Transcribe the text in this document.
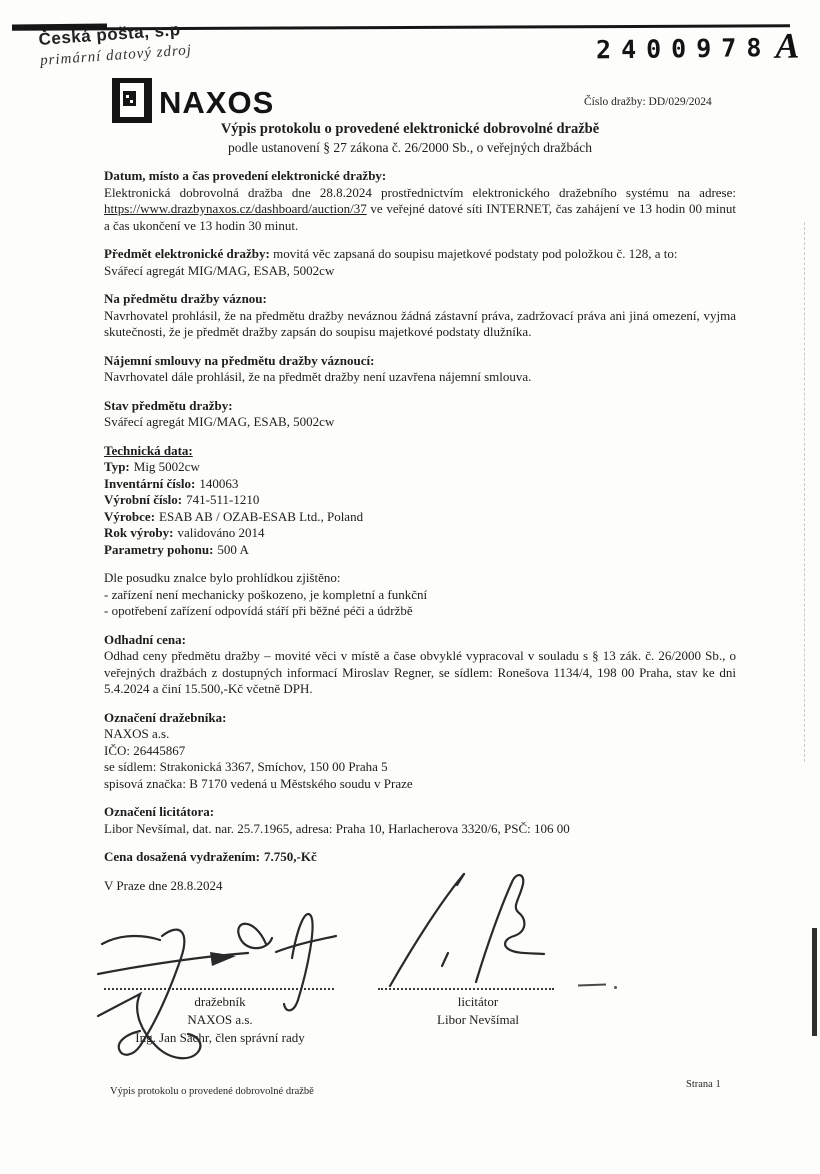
Česká pošta, s.p
primární datový zdroj	2400978 A
NAXOS	Číslo dražby: DD/029/2024
Výpis protokolu o provedené elektronické dobrovolné dražbě
podle ustanovení § 27 zákona č. 26/2000 Sb., o veřejných dražbách

Datum, místo a čas provedení elektronické dražby:

Elektronická dobrovolná dražba dne 28.8.2024 prostřednictvím elektronického dražebního systému na adrese: https://www.drazbynaxos.cz/dashboard/auction/37 ve veřejné datové síti INTERNET, čas zahájení ve 13 hodin 00 minut a čas ukončení ve 13 hodin 30 minut.

Předmět elektronické dražby: movitá věc zapsaná do soupisu majetkové podstaty pod položkou č. 128, a to:

Svářecí agregát MIG/MAG, ESAB, 5002cw

Na předmětu dražby váznou:

Navrhovatel prohlásil, že na předmětu dražby neváznou žádná zástavní práva, zadržovací práva ani jiná omezení, vyjma skutečnosti, že je předmět dražby zapsán do soupisu majetkové podstaty dlužníka.

Nájemní smlouvy na předmětu dražby váznoucí:

Navrhovatel dále prohlásil, že na předmět dražby není uzavřena nájemní smlouva.

Stav předmětu dražby:

Svářecí agregát MIG/MAG, ESAB, 5002cw

Technická data:

Typ: Mig 5002cw

Inventární číslo: 140063

Výrobní číslo: 741-511-1210

Výrobce: ESAB AB / OZAB-ESAB Ltd., Poland

Rok výroby: validováno 2014

Parametry pohonu: 500 A

Dle posudku znalce bylo prohlídkou zjištěno:

- zařízení není mechanicky poškozeno, je kompletní a funkční

- opotřebení zařízení odpovídá stáří při běžné péči a údržbě

Odhadní cena:

Odhad ceny předmětu dražby – movité věci v místě a čase obvyklé vypracoval v souladu s § 13 zák. č. 26/2000 Sb., o veřejných dražbách z dostupných informací Miroslav Regner, se sídlem: Ronešova 1134/4, 198 00 Praha, stav ke dni 5.4.2024 a činí 15.500,-Kč včetně DPH.

Označení dražebníka:

NAXOS a.s.

IČO: 26445867

se sídlem: Strakonická 3367, Smíchov, 150 00 Praha 5

spisová značka: B 7170 vedená u Městského soudu v Praze

Označení licitátora:

Libor Nevšímal, dat. nar. 25.7.1965, adresa: Praha 10, Harlacherova 3320/6, PSČ: 106 00

Cena dosažená vydražením: 7.750,-Kč

V Praze dne 28.8.2024

dražebník
NAXOS a.s.
Ing. Jan Sachr, člen správní rady
licitátor
Libor Nevšímal
Výpis protokolu o provedené dobrovolné dražbě
Strana 1
